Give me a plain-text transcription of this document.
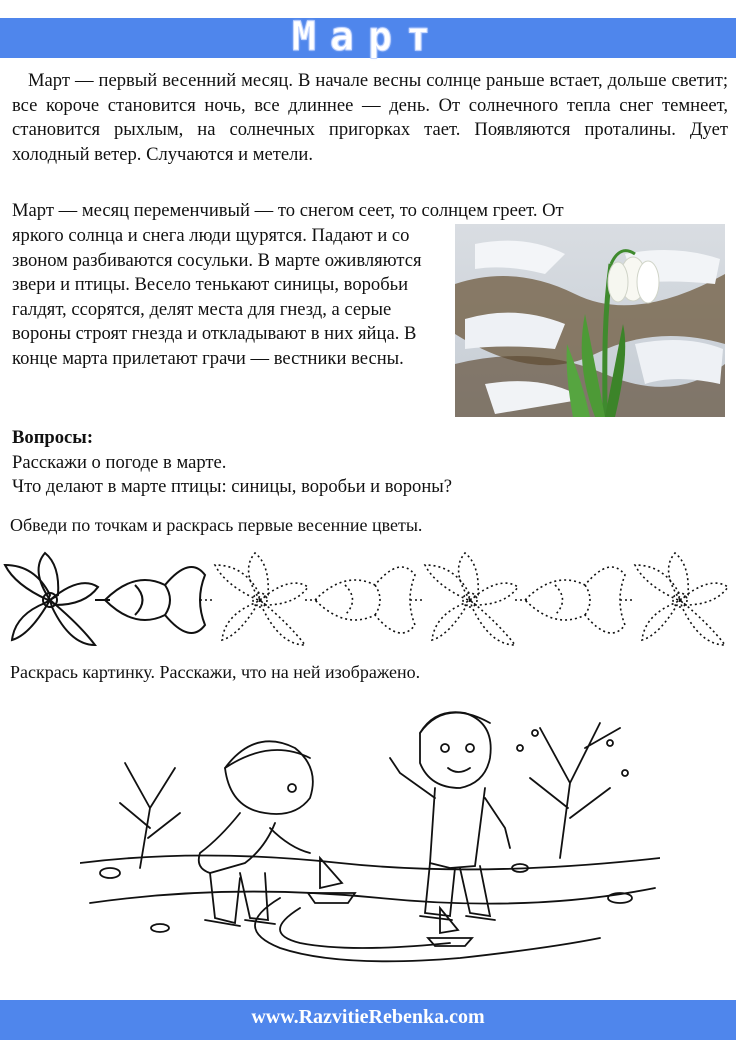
Март
Март — первый весенний месяц. В начале весны солнце раньше встает, дольше светит; все короче становится ночь, все длиннее — день. От солнечного тепла снег темнеет, становится рыхлым, на солнечных пригорках тает. Появляются проталины. Дует холодный ветер. Случаются и метели.
Март — месяц переменчивый — то снегом сеет, то солнцем греет. От
яркого солнца и снега люди щурятся. Падают и со звоном разбиваются сосульки. В марте оживляются звери и птицы. Весело тенькают синицы, воробьи галдят, ссорятся, делят места для гнезд, а серые вороны строят гнезда и откладывают в них яйца. В конце марта прилетают грачи — вестники весны.
Вопросы:
Расскажи о погоде в марте.
Что делают в марте птицы: синицы, воробьи и вороны?
Обведи по точкам и раскрась первые весенние цветы.
Раскрась картинку. Расскажи, что на ней изображено.
www.RazvitieRebenka.com
